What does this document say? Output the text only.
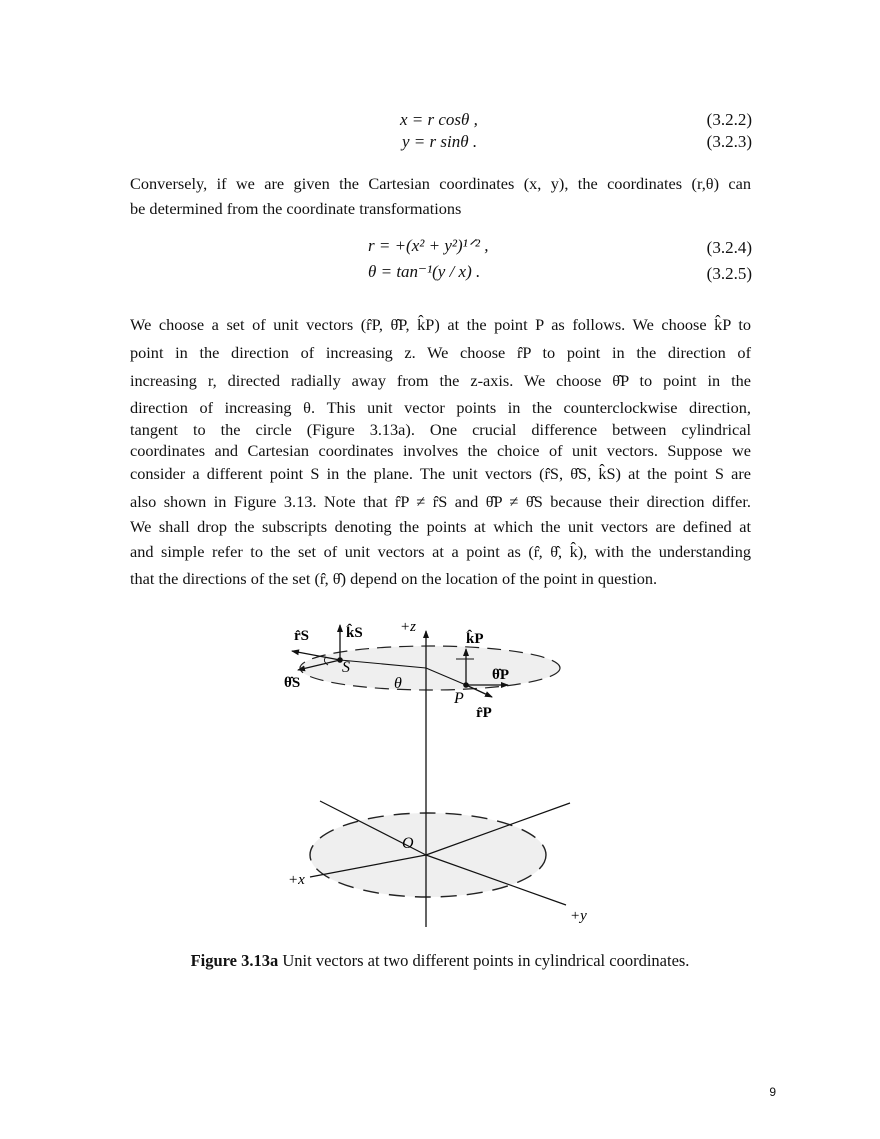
x = r cosθ ,	(3.2.2)
y = r sinθ .	(3.2.3)
Conversely, if we are given the Cartesian coordinates (x, y), the coordinates (r,θ) can
be determined from the coordinate transformations
r = +(x² + y²)¹ᐟ² ,	(3.2.4)
θ = tan⁻¹(y / x) .	(3.2.5)
We choose a set of unit vectors (r̂P, θ̂P, k̂P) at the point P as follows. We choose k̂P to
point in the direction of increasing z. We choose r̂P to point in the direction of
increasing r, directed radially away from the z-axis. We choose θ̂P to point in the
direction of increasing θ. This unit vector points in the counterclockwise direction,
tangent to the circle (Figure 3.13a). One crucial difference between cylindrical
coordinates and Cartesian coordinates involves the choice of unit vectors. Suppose we
consider a different point S in the plane. The unit vectors (r̂S, θ̂S, k̂S) at the point S are
also shown in Figure 3.13. Note that r̂P ≠ r̂S and θ̂P ≠ θ̂S because their direction differ.
We shall drop the subscripts denoting the points at which the unit vectors are defined at
and simple refer to the set of unit vectors at a point as (r̂, θ̂, k̂), with the understanding
that the directions of the set (r̂, θ̂) depend on the location of the point in question.
+z
+x
+y
O
θ
S
P
r̂S k̂S
θ̂S
k̂P
θ̂P
r̂P
Figure 3.13a Unit vectors at two different points in cylindrical coordinates.
9
